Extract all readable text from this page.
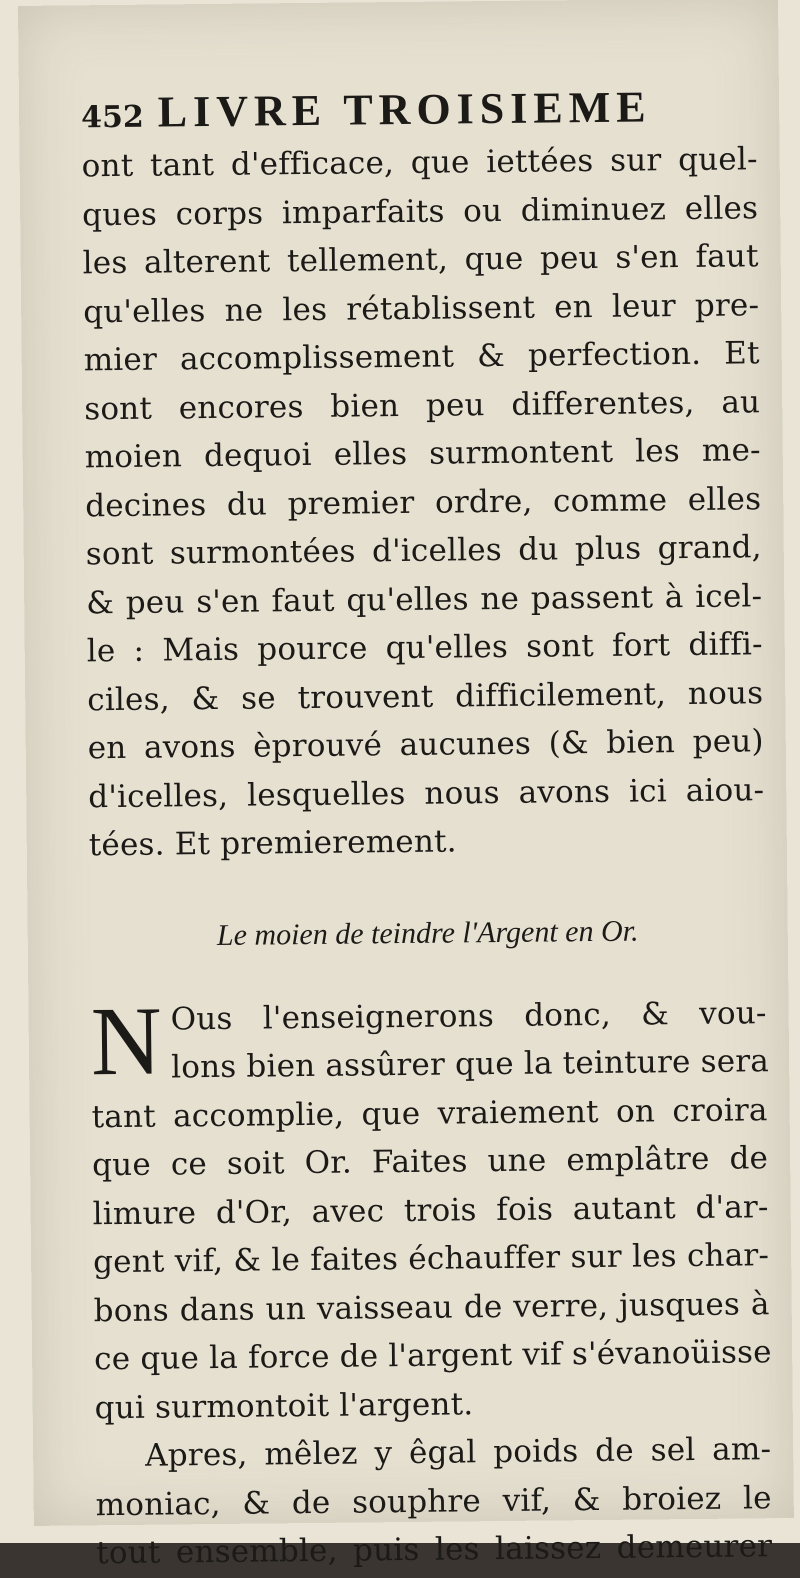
452 LIVRE TROISIEME
ont tant d'efficace, que iettées sur quel-
ques corps imparfaits ou diminuez elles
les alterent tellement, que peu s'en faut
qu'elles ne les rétablissent en leur pre-
mier accomplissement & perfection. Et
sont encores bien peu differentes, au
moien dequoi elles surmontent les me-
decines du premier ordre, comme elles
sont surmontées d'icelles du plus grand,
& peu s'en faut qu'elles ne passent à icel-
le : Mais pource qu'elles sont fort diffi-
ciles, & se trouvent difficilement, nous
en avons èprouvé aucunes (& bien peu)
d'icelles, lesquelles nous avons ici aiou-
tées. Et premierement.
Le moien de teindre l'Argent en Or.
N Ous l'enseignerons donc, & vou-
lons bien assûrer que la teinture sera
tant accomplie, que vraiement on croira
que ce soit Or. Faites une emplâtre de
limure d'Or, avec trois fois autant d'ar-
gent vif, & le faites échauffer sur les char-
bons dans un vaisseau de verre, jusques à
ce que la force de l'argent vif s'évanoüisse
qui surmontoit l'argent.
Apres, mêlez y êgal poids de sel am-
moniac, & de souphre vif, & broiez le
tout ensemble, puis les laissez demeurer
